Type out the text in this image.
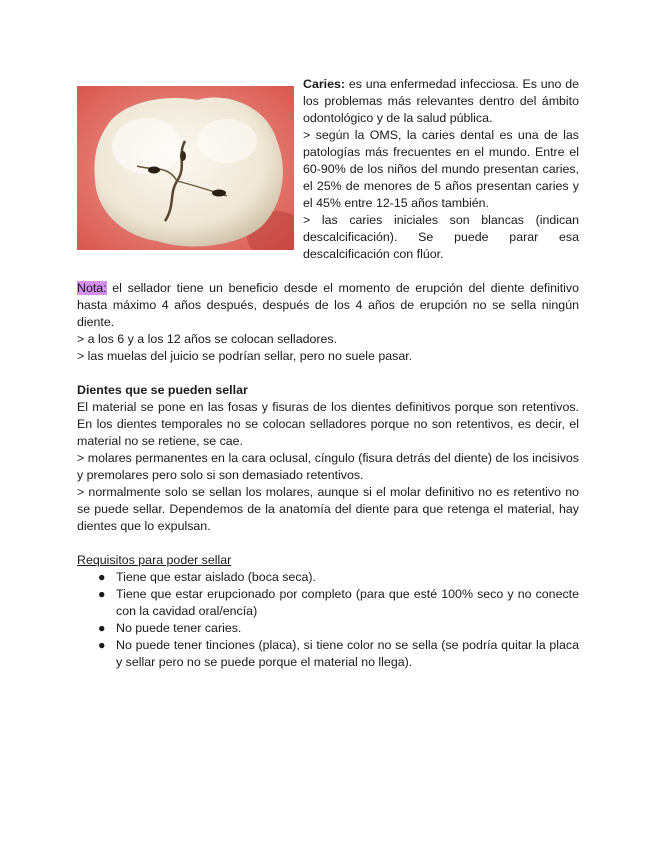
Caries: es una enfermedad infecciosa. Es uno de los problemas más relevantes dentro del ámbito odontológico y de la salud pública.

> según la OMS, la caries dental es una de las patologías más frecuentes en el mundo. Entre el 60-90% de los niños del mundo presentan caries, el 25% de menores de 5 años presentan caries y el 45% entre 12-15 años también.

> las caries iniciales son blancas (indican descalcificación). Se puede parar esa descalcificación con flúor.

Nota: el sellador tiene un beneficio desde el momento de erupción del diente definitivo hasta máximo 4 años después, después de los 4 años de erupción no se sella ningún diente.

> a los 6 y a los 12 años se colocan selladores.

> las muelas del juicio se podrían sellar, pero no suele pasar.

Dientes que se pueden sellar

El material se pone en las fosas y fisuras de los dientes definitivos porque son retentivos. En los dientes temporales no se colocan selladores porque no son retentivos, es decir, el material no se retiene, se cae.

> molares permanentes en la cara oclusal, cíngulo (fisura detrás del diente) de los incisivos y premolares pero solo si son demasiado retentivos.

> normalmente solo se sellan los molares, aunque si el molar definitivo no es retentivo no se puede sellar. Dependemos de la anatomía del diente para que retenga el material, hay dientes que lo expulsan.

Requisitos para poder sellar

● Tiene que estar aislado (boca seca).
● Tiene que estar erupcionado por completo (para que esté 100% seco y no conecte con la cavidad oral/encía)
● No puede tener caries.
● No puede tener tinciones (placa), si tiene color no se sella (se podría quitar la placa y sellar pero no se puede porque el material no llega).
